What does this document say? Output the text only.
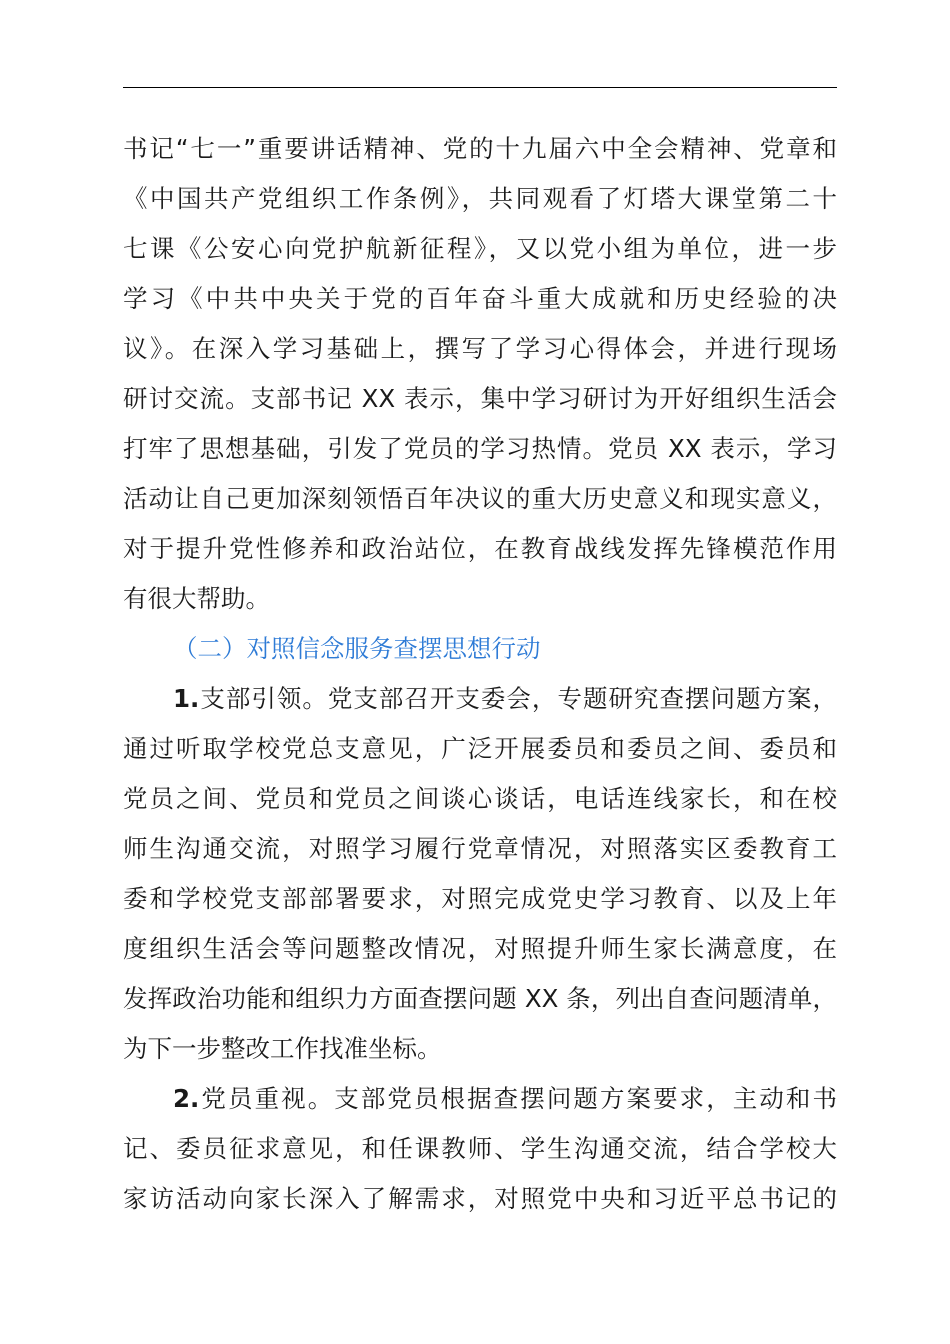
书记“七一”重要讲话精神、党的十九届六中全会精神、党章和
《中国共产党组织工作条例》，共同观看了灯塔大课堂第二十
七课《公安心向党护航新征程》，又以党小组为单位，进一步
学习《中共中央关于党的百年奋斗重大成就和历史经验的决
议》。在深入学习基础上，撰写了学习心得体会，并进行现场
研讨交流。支部书记 XX 表示，集中学习研讨为开好组织生活会
打牢了思想基础，引发了党员的学习热情。党员 XX 表示，学习
活动让自己更加深刻领悟百年决议的重大历史意义和现实意义，
对于提升党性修养和政治站位，在教育战线发挥先锋模范作用
有很大帮助。
（二）对照信念服务查摆思想行动
1.支部引领。党支部召开支委会，专题研究查摆问题方案，
通过听取学校党总支意见，广泛开展委员和委员之间、委员和
党员之间、党员和党员之间谈心谈话，电话连线家长，和在校
师生沟通交流，对照学习履行党章情况，对照落实区委教育工
委和学校党支部部署要求，对照完成党史学习教育、以及上年
度组织生活会等问题整改情况，对照提升师生家长满意度，在
发挥政治功能和组织力方面查摆问题 XX 条，列出自查问题清单，
为下一步整改工作找准坐标。
2.党员重视。支部党员根据查摆问题方案要求，主动和书
记、委员征求意见，和任课教师、学生沟通交流，结合学校大
家访活动向家长深入了解需求，对照党中央和习近平总书记的
